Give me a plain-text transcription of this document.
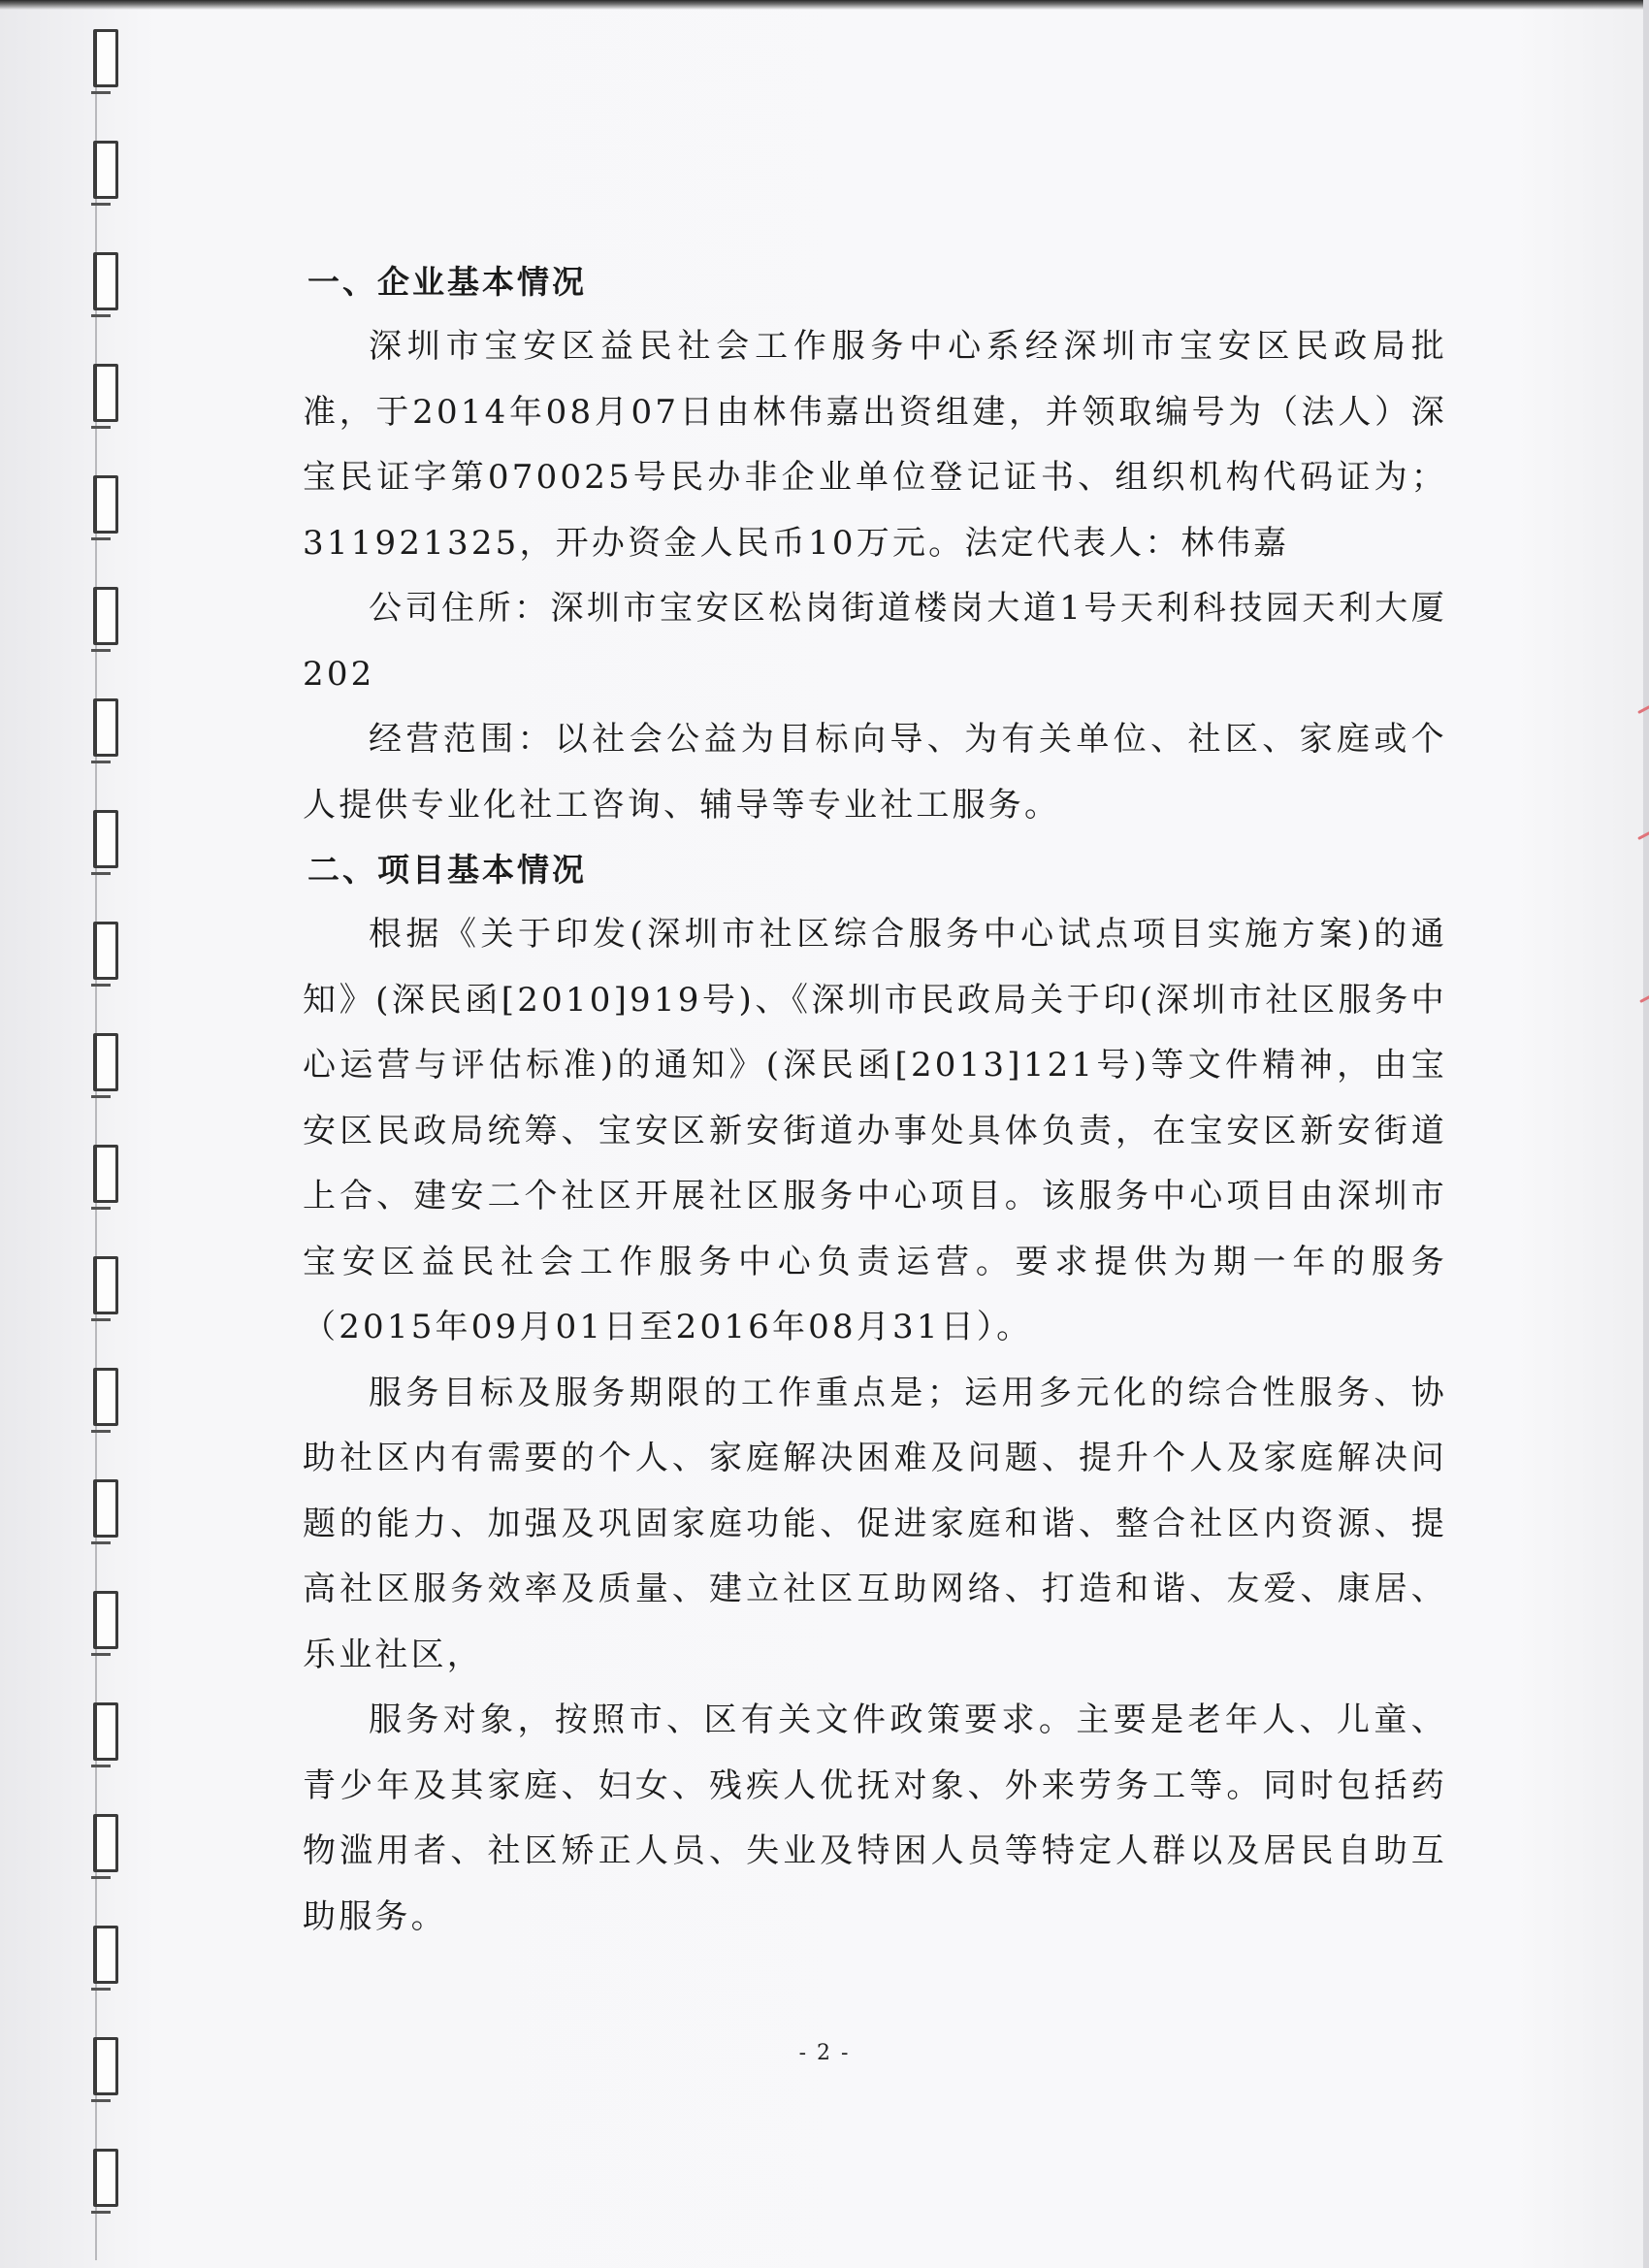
一、企业基本情况

深圳市宝安区益民社会工作服务中心系经深圳市宝安区民政局批准，于2014年08月07日由林伟嘉出资组建，并领取编号为（法人）深宝民证字第070025号民办非企业单位登记证书、组织机构代码证为；311921325，开办资金人民币10万元。法定代表人：林伟嘉

公司住所：深圳市宝安区松岗街道楼岗大道1号天利科技园天利大厦202

经营范围：以社会公益为目标向导、为有关单位、社区、家庭或个人提供专业化社工咨询、辅导等专业社工服务。

二、项目基本情况

根据《关于印发(深圳市社区综合服务中心试点项目实施方案)的通知》(深民函[2010]919号)、《深圳市民政局关于印(深圳市社区服务中心运营与评估标准)的通知》(深民函[2013]121号)等文件精神，由宝安区民政局统筹、宝安区新安街道办事处具体负责，在宝安区新安街道上合、建安二个社区开展社区服务中心项目。该服务中心项目由深圳市宝安区益民社会工作服务中心负责运营。要求提供为期一年的服务（2015年09月01日至2016年08月31日）。

服务目标及服务期限的工作重点是；运用多元化的综合性服务、协助社区内有需要的个人、家庭解决困难及问题、提升个人及家庭解决问题的能力、加强及巩固家庭功能、促进家庭和谐、整合社区内资源、提高社区服务效率及质量、建立社区互助网络、打造和谐、友爱、康居、乐业社区，

服务对象，按照市、区有关文件政策要求。主要是老年人、儿童、青少年及其家庭、妇女、残疾人优抚对象、外来劳务工等。同时包括药物滥用者、社区矫正人员、失业及特困人员等特定人群以及居民自助互助服务。

- 2 -
